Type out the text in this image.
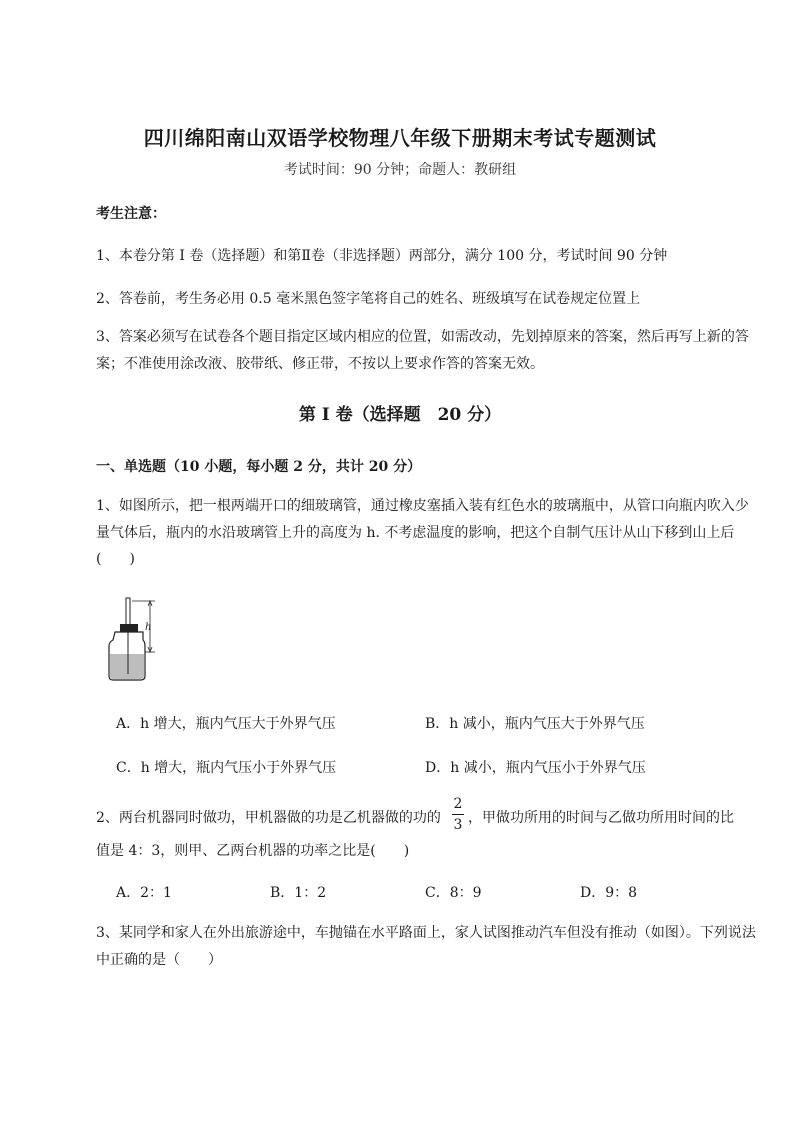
四川绵阳南山双语学校物理八年级下册期末考试专题测试
考试时间：90 分钟；命题人：教研组
考生注意：
1、本卷分第 I 卷（选择题）和第Ⅱ卷（非选择题）两部分，满分 100 分，考试时间 90 分钟
2、答卷前，考生务必用 0.5 毫米黑色签字笔将自己的姓名、班级填写在试卷规定位置上
3、答案必须写在试卷各个题目指定区域内相应的位置，如需改动，先划掉原来的答案，然后再写上新的答案；不准使用涂改液、胶带纸、修正带，不按以上要求作答的答案无效。
第 I 卷（选择题　20 分）
一、单选题（10 小题，每小题 2 分，共计 20 分）
1、如图所示，把一根两端开口的细玻璃管，通过橡皮塞插入装有红色水的玻璃瓶中，从管口向瓶内吹入少量气体后，瓶内的水沿玻璃管上升的高度为 h. 不考虑温度的影响，把这个自制气压计从山下移到山上后(　　)
h
A．h 增大，瓶内气压大于外界气压	B．h 减小，瓶内气压大于外界气压
C．h 增大，瓶内气压小于外界气压	D．h 减小，瓶内气压小于外界气压
2、两台机器同时做功，甲机器做的功是乙机器做的功的
2
3 ，甲做功所用的时间与乙做功所用时间的比
值是 4：3，则甲、乙两台机器的功率之比是(　　)
A．2：1	B．1：2	C．8：9	D．9：8
3、某同学和家人在外出旅游途中，车抛锚在水平路面上，家人试图推动汽车但没有推动（如图）。下列说法中正确的是（　　）
